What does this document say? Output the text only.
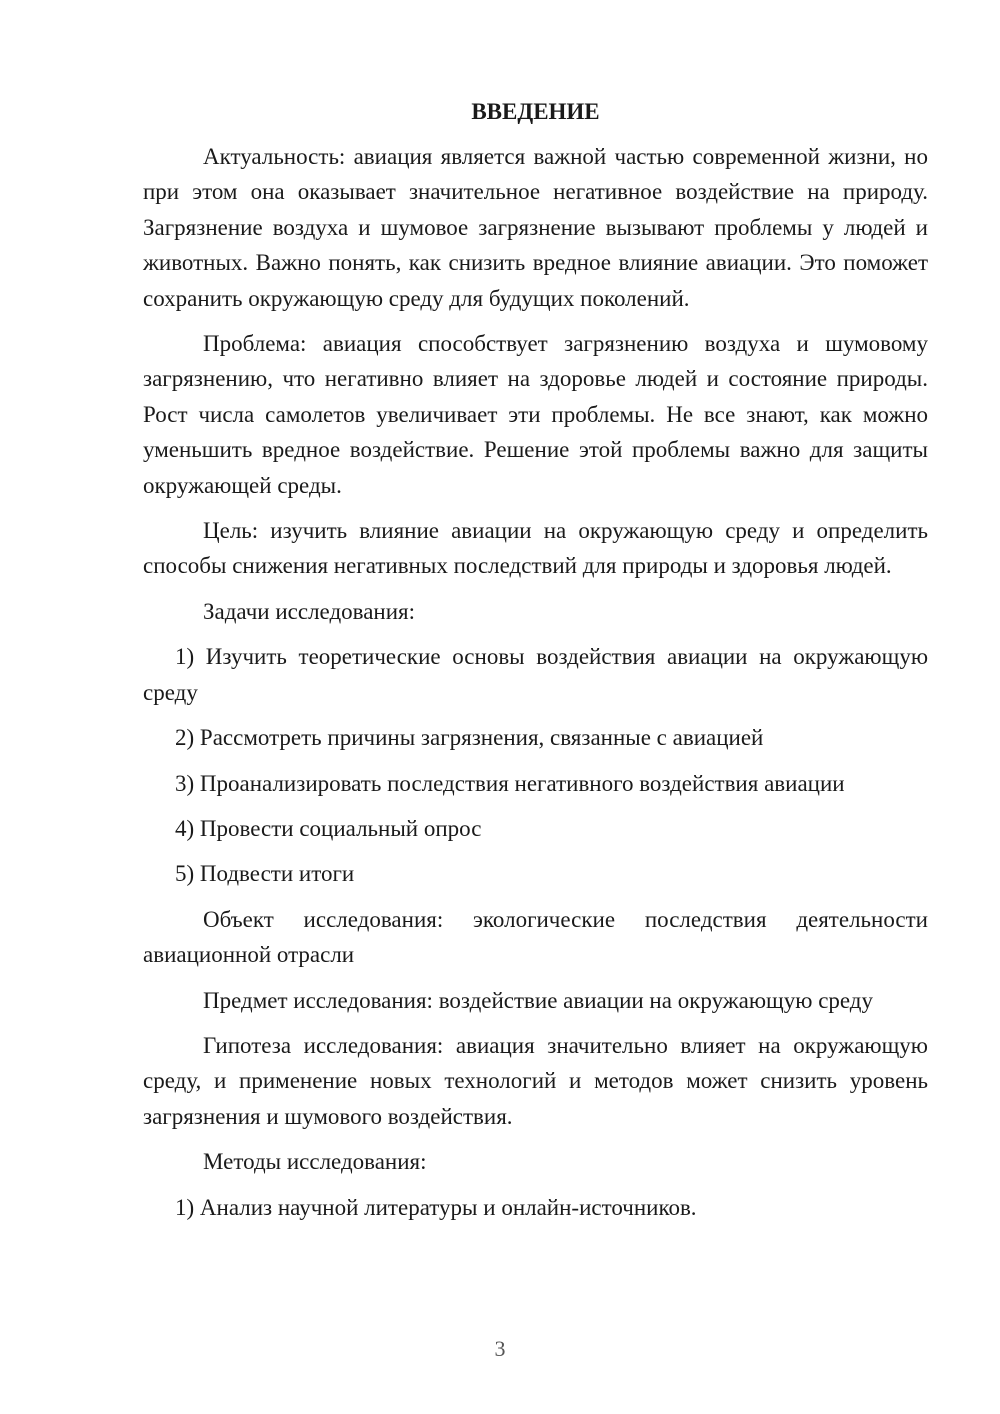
ВВЕДЕНИЕ

Актуальность: авиация является важной частью современной жизни, но при этом она оказывает значительное негативное воздействие на природу. Загрязнение воздуха и шумовое загрязнение вызывают проблемы у людей и животных. Важно понять, как снизить вредное влияние авиации. Это поможет сохранить окружающую среду для будущих поколений.

Проблема: авиация способствует загрязнению воздуха и шумовому загрязнению, что негативно влияет на здоровье людей и состояние природы. Рост числа самолетов увеличивает эти проблемы. Не все знают, как можно уменьшить вредное воздействие. Решение этой проблемы важно для защиты окружающей среды.

Цель: изучить влияние авиации на окружающую среду и определить способы снижения негативных последствий для природы и здоровья людей.

Задачи исследования:

1) Изучить теоретические основы воздействия авиации на окружающую среду

2) Рассмотреть причины загрязнения, связанные с авиацией

3) Проанализировать последствия негативного воздействия авиации

4) Провести социальный опрос

5) Подвести итоги

Объект исследования: экологические последствия деятельности авиационной отрасли

Предмет исследования: воздействие авиации на окружающую среду

Гипотеза исследования: авиация значительно влияет на окружающую среду, и применение новых технологий и методов может снизить уровень загрязнения и шумового воздействия.

Методы исследования:

1) Анализ научной литературы и онлайн-источников.

3
